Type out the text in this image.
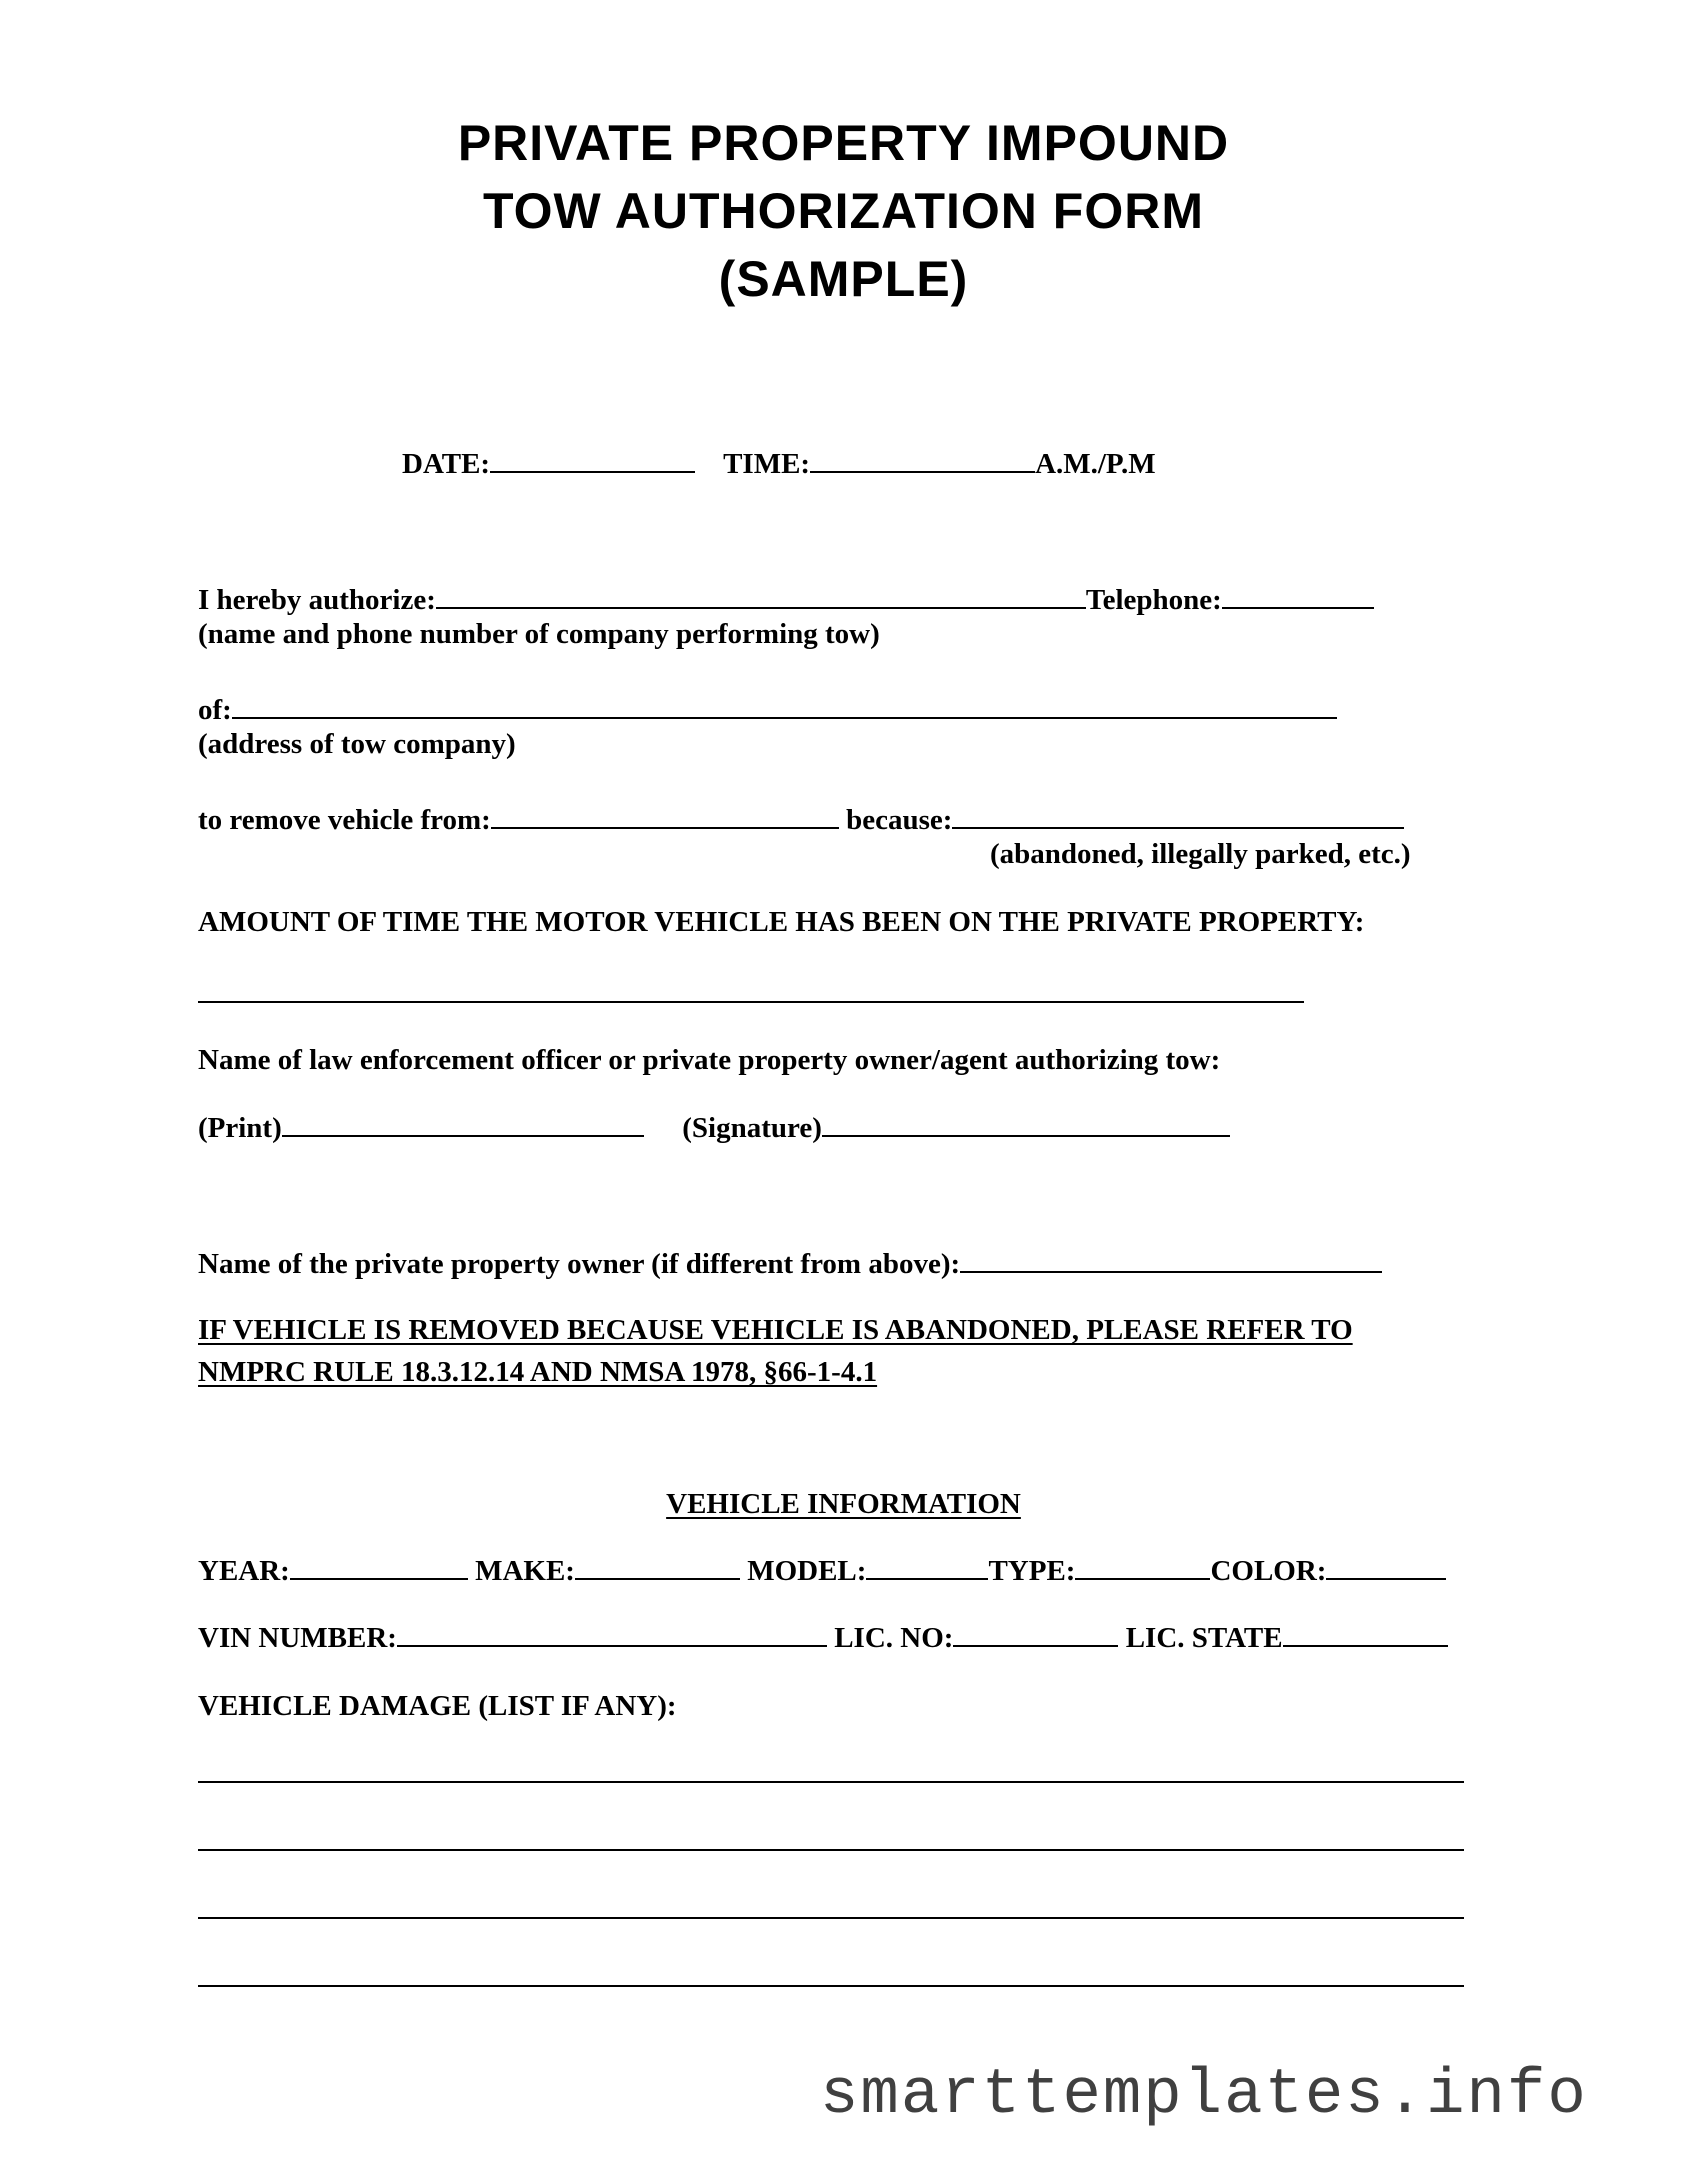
PRIVATE PROPERTY IMPOUND
TOW AUTHORIZATION FORM
(SAMPLE)
DATE:	TIME:	A.M./P.M
I hereby authorize:	Telephone:
(name and phone number of company performing tow)
of:
(address of tow company)
to remove vehicle from:	because:
(abandoned, illegally parked, etc.)
AMOUNT OF TIME THE MOTOR VEHICLE HAS BEEN ON THE PRIVATE PROPERTY:
Name of law enforcement officer or private property owner/agent authorizing tow:
(Print)	(Signature)
Name of the private property owner (if different from above):
IF VEHICLE IS REMOVED BECAUSE VEHICLE IS ABANDONED, PLEASE REFER TO
NMPRC RULE 18.3.12.14 AND NMSA 1978, §66-1-4.1
VEHICLE INFORMATION
YEAR:	MAKE:	MODEL:	TYPE:	COLOR:
VIN NUMBER:	LIC. NO:	LIC. STATE
VEHICLE DAMAGE (LIST IF ANY):
smarttemplates.info
